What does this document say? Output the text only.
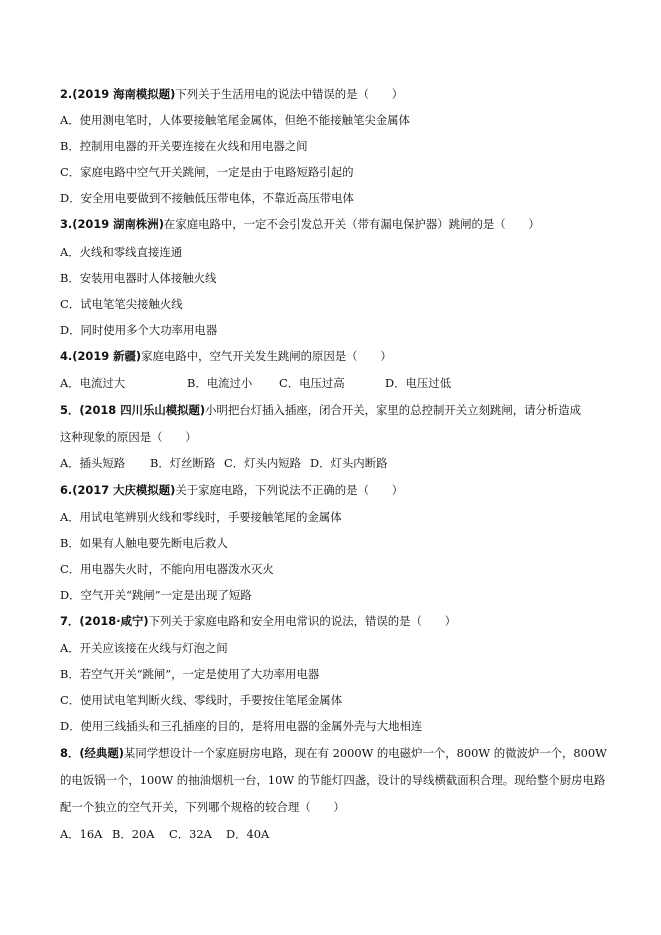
2.(2019 海南模拟题)下列关于生活用电的说法中错误的是（　　）
A．使用测电笔时，人体要接触笔尾金属体，但绝不能接触笔尖金属体
B．控制用电器的开关要连接在火线和用电器之间
C．家庭电路中空气开关跳闸，一定是由于电路短路引起的
D．安全用电要做到不接触低压带电体，不靠近高压带电体
3.(2019 湖南株洲)在家庭电路中，一定不会引发总开关（带有漏电保护器）跳闸的是（　　）
A．火线和零线直接连通
B．安装用电器时人体接触火线
C．试电笔笔尖接触火线
D．同时使用多个大功率用电器
4.(2019 新疆)家庭电路中，空气开关发生跳闸的原因是（　　）
A．电流过大	B．电流过小 C．电压过高	D．电压过低
5．(2018 四川乐山模拟题)小明把台灯插入插座，闭合开关，家里的总控制开关立刻跳闸，请分析造成
这种现象的原因是（　　）
A．插头短路 B．灯丝断路 C．灯头内短路 D．灯头内断路
6.(2017 大庆模拟题)关于家庭电路，下列说法不正确的是（　　）
A．用试电笔辨别火线和零线时，手要接触笔尾的金属体
B．如果有人触电要先断电后救人
C．用电器失火时，不能向用电器泼水灭火
D．空气开关“跳闸”一定是出现了短路
7．(2018·咸宁)下列关于家庭电路和安全用电常识的说法，错误的是（　　）
A．开关应该接在火线与灯泡之间
B．若空气开关“跳闸”，一定是使用了大功率用电器
C．使用试电笔判断火线、零线时，手要按住笔尾金属体
D．使用三线插头和三孔插座的目的，是将用电器的金属外壳与大地相连
8．(经典题)某同学想设计一个家庭厨房电路，现在有 2000W 的电磁炉一个，800W 的微波炉一个，800W
的电饭锅一个，100W 的抽油烟机一台，10W 的节能灯四盏，设计的导线横截面积合理。现给整个厨房电路
配一个独立的空气开关，下列哪个规格的较合理（　　）
A．16A B．20A C．32A D．40A
